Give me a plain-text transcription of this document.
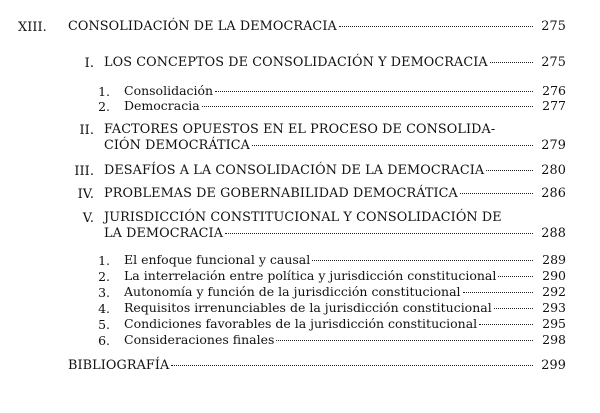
XIII.	CONSOLIDACIÓN DE LA DEMOCRACIA	275
I. LOS CONCEPTOS DE CONSOLIDACIÓN Y DEMOCRACIA	275
1. Consolidación	276
2. Democracia	277
II. FACTORES OPUESTOS EN EL PROCESO DE CONSOLIDA-
CIÓN DEMOCRÁTICA	279
III. DESAFÍOS A LA CONSOLIDACIÓN DE LA DEMOCRACIA	280
IV. PROBLEMAS DE GOBERNABILIDAD DEMOCRÁTICA	286
V. JURISDICCIÓN CONSTITUCIONAL Y CONSOLIDACIÓN DE
LA DEMOCRACIA	288
1. El enfoque funcional y causal	289
2. La interrelación entre política y jurisdicción constitucional	290
3. Autonomía y función de la jurisdicción constitucional	292
4. Requisitos irrenunciables de la jurisdicción constitucional	293
5. Condiciones favorables de la jurisdicción constitucional	295
6. Consideraciones finales	298
BIBLIOGRAFÍA	299
